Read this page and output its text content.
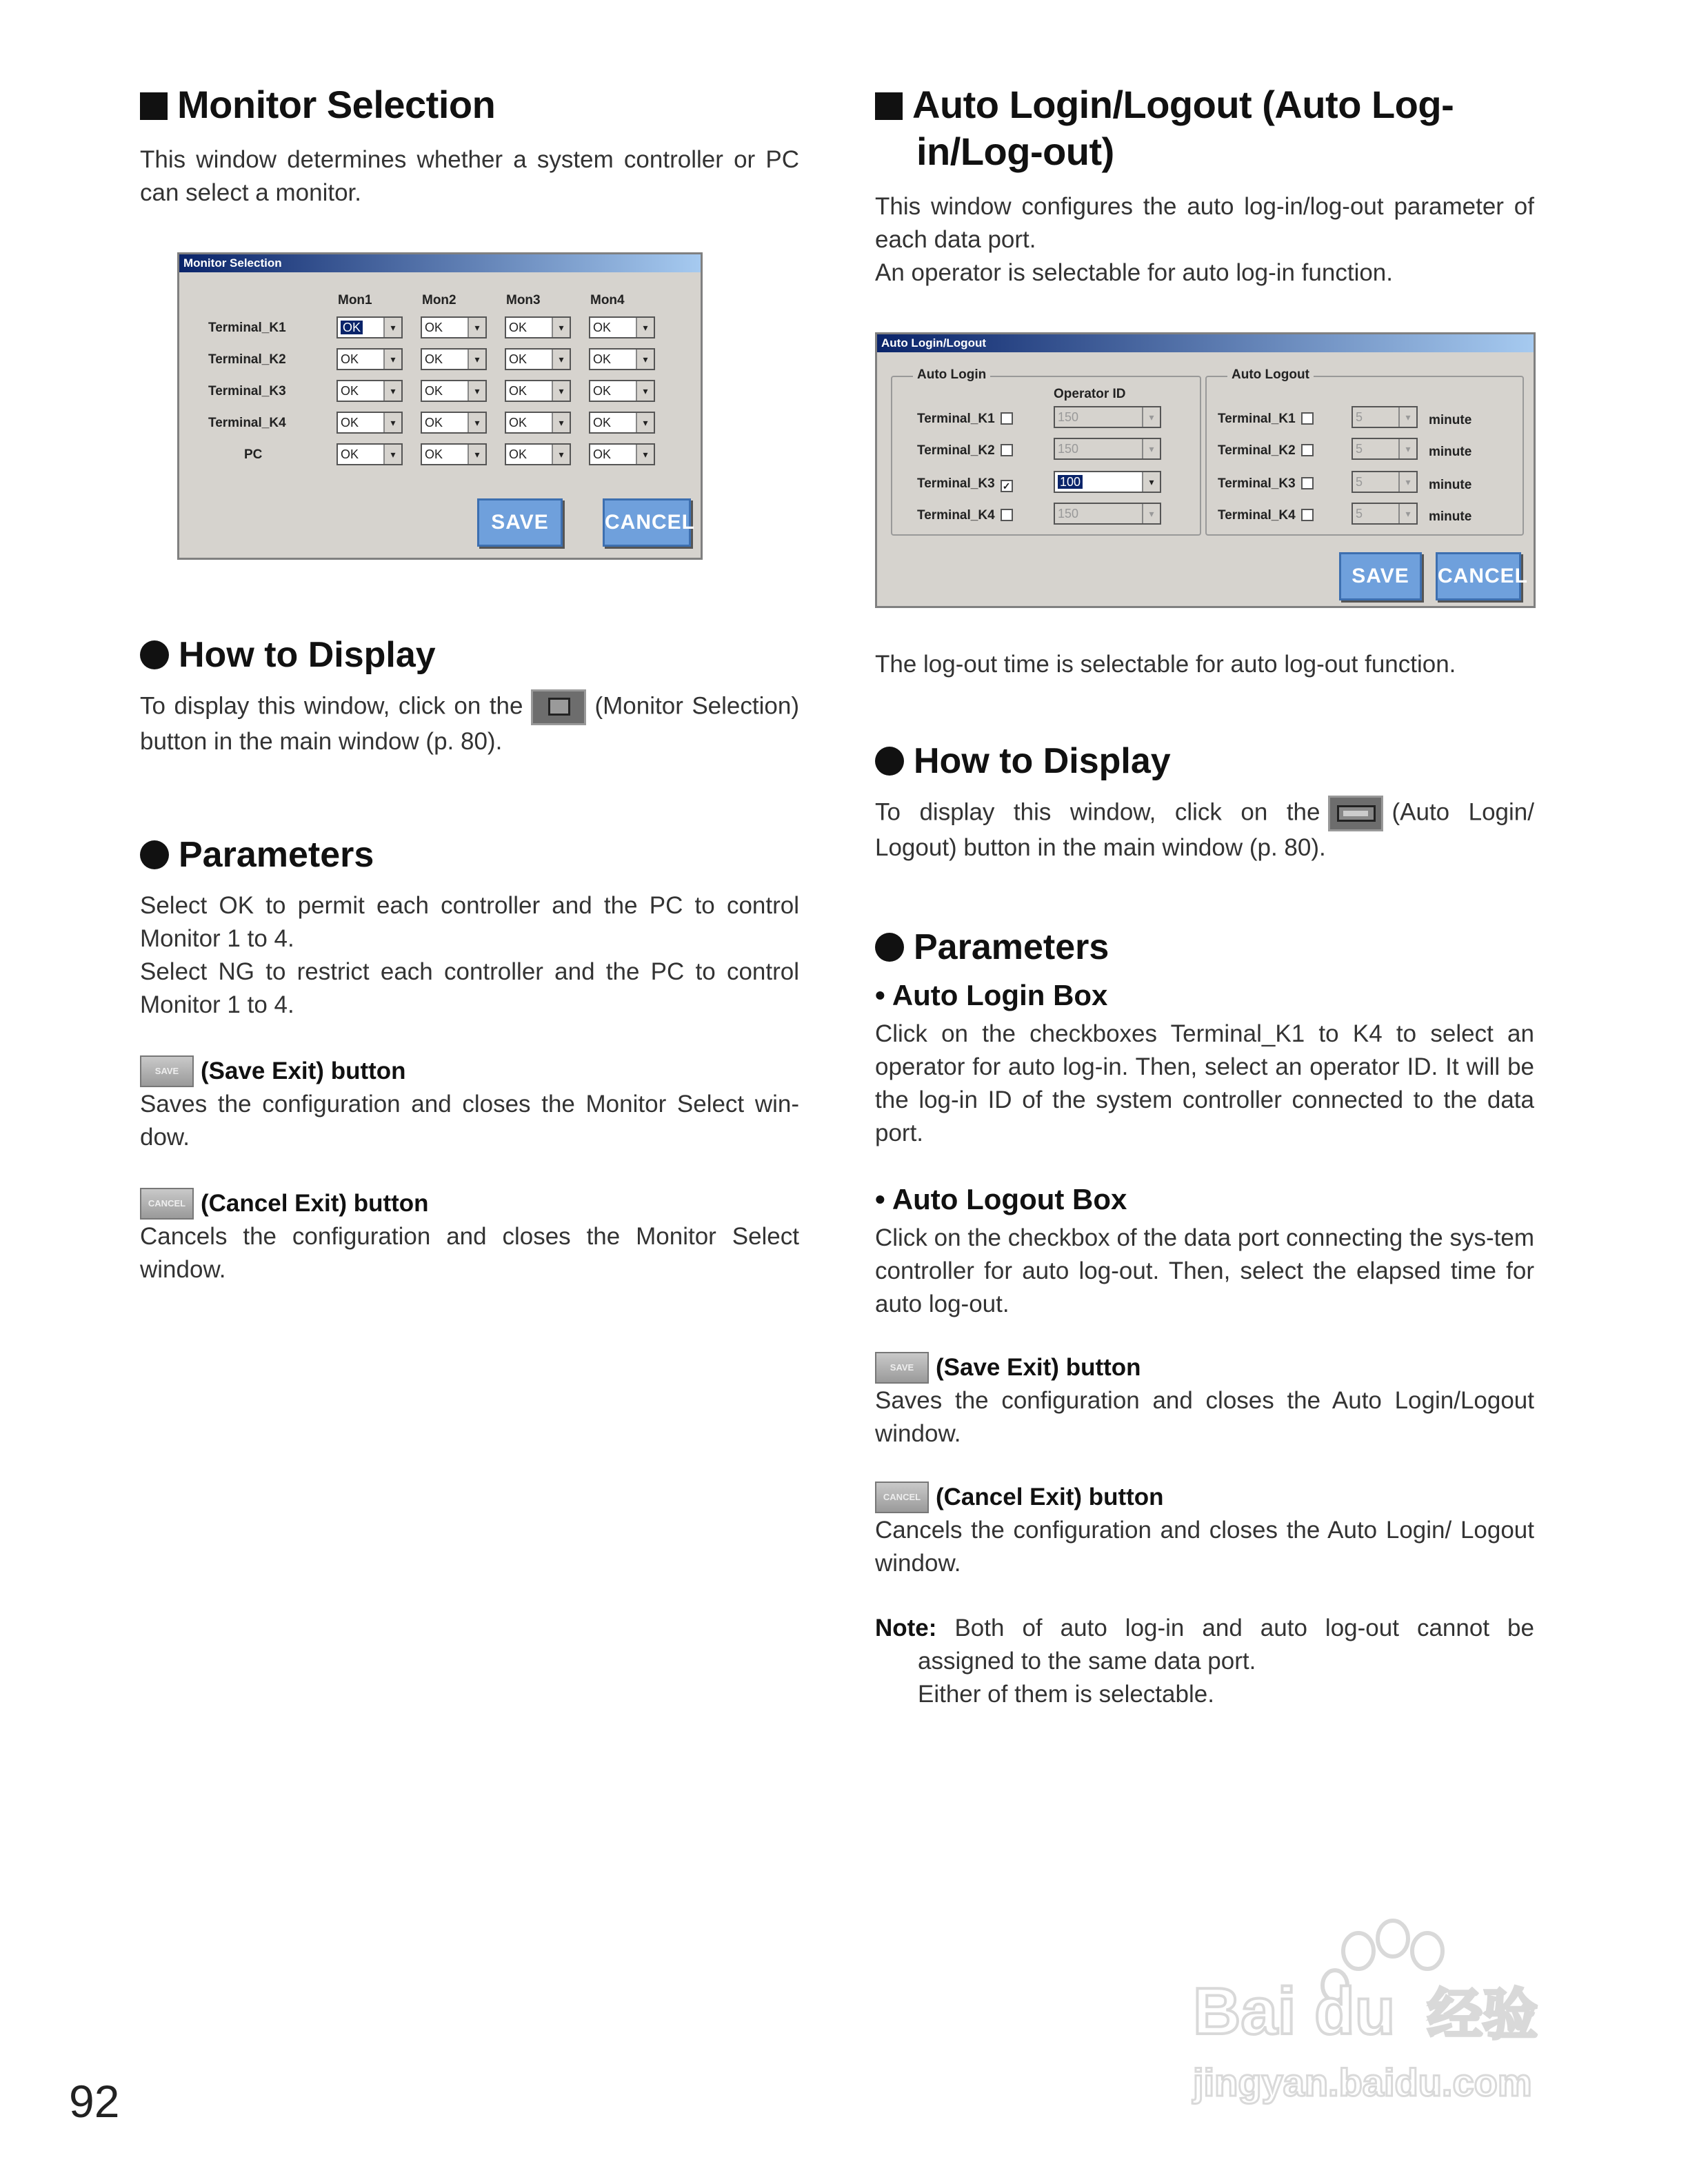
Monitor Selection

This window determines whether a system controller or PC can select a monitor.

Monitor Selection
Mon1	Mon2	Mon3	Mon4
Terminal_K1	OK	▾	OK	▾	OK	▾	OK	▾
Terminal_K2	OK	▾	OK	▾	OK	▾	OK	▾
Terminal_K3	OK	▾	OK	▾	OK	▾	OK	▾
Terminal_K4	OK	▾	OK	▾	OK	▾	OK	▾
PC	OK	▾	OK	▾	OK	▾	OK	▾
SAVE	CANCEL
How to Display

To display this window, click on the	(Monitor Selection) button in the main window (p. 80).

Parameters

Select OK to permit each controller and the PC to control Monitor 1 to 4.

Select NG to restrict each controller and the PC to control Monitor 1 to 4.

SAVE (Save Exit) button

Saves the configuration and closes the Monitor Select win-dow.

CANCEL (Cancel Exit) button

Cancels the configuration and closes the Monitor Select window.

Auto Login/Logout (Auto Log-
in/Log-out)

This window configures the auto log-in/log-out parameter of each data port.

An operator is selectable for auto log-in function.

Auto Login/Logout
Auto Login
Operator ID
Terminal_K1	150	▾
Terminal_K2	150	▾
Terminal_K3 ✓	100	▾
Terminal_K4	150	▾
Auto Logout
Terminal_K1	5	▾	minute
Terminal_K2	5	▾	minute
Terminal_K3	5	▾	minute
Terminal_K4	5	▾	minute
SAVE	CANCEL

The log-out time is selectable for auto log-out function.

How to Display

To display this window, click on the	(Auto Login/ Logout) button in the main window (p. 80).

Parameters
• Auto Login Box

Click on the checkboxes Terminal_K1 to K4 to select an operator for auto log-in. Then, select an operator ID. It will be the log-in ID of the system controller connected to the data port.

• Auto Logout Box

Click on the checkbox of the data port connecting the sys-tem controller for auto log-out. Then, select the elapsed time for auto log-out.

SAVE (Save Exit) button

Saves the configuration and closes the Auto Login/Logout window.

CANCEL (Cancel Exit) button

Cancels the configuration and closes the Auto Login/ Logout window.

Note: Both of auto log-in and auto log-out cannot be assigned to the same data port.

Either of them is selectable.

92
Bai du 经验
jingyan.baidu.com
